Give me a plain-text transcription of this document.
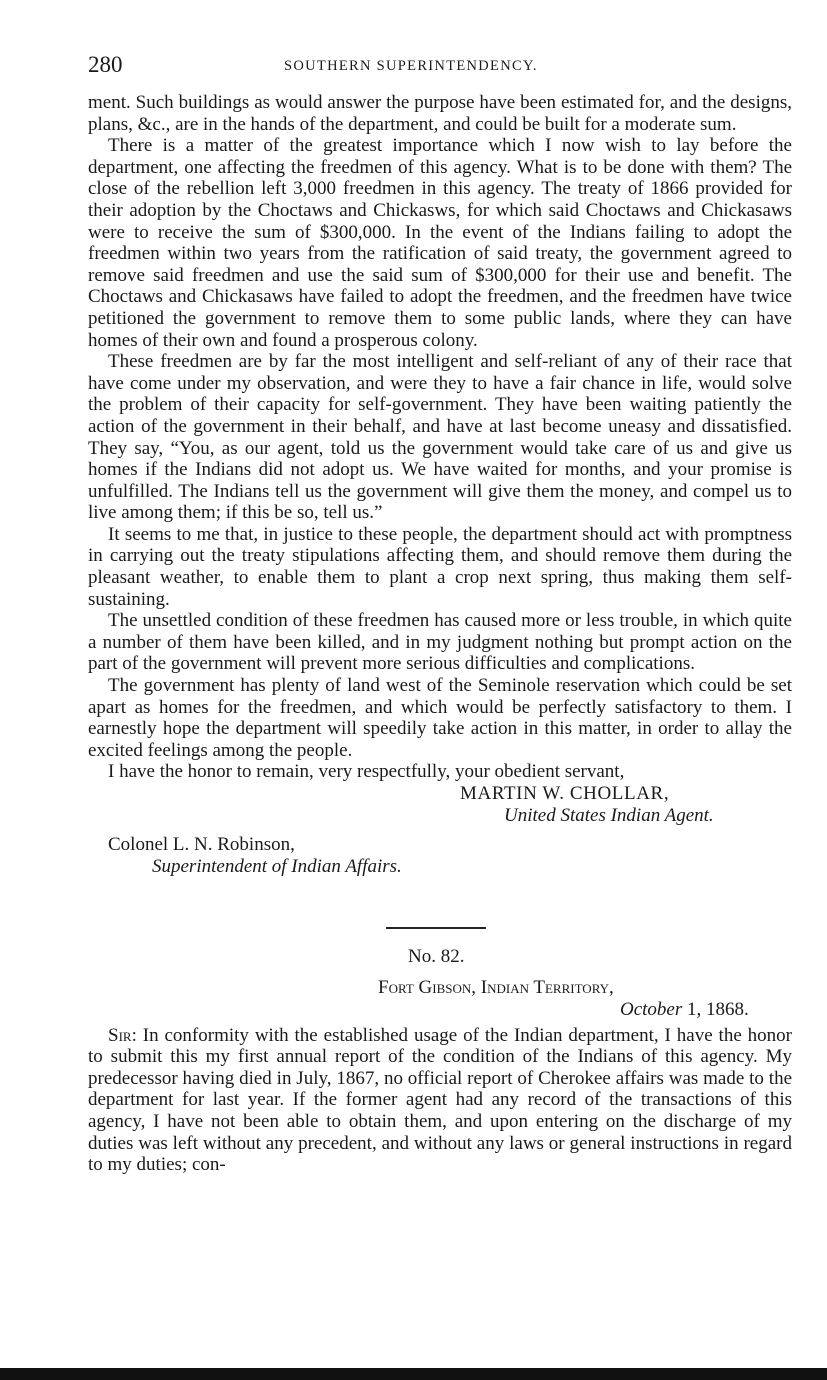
280	SOUTHERN SUPERINTENDENCY.

ment. Such buildings as would answer the purpose have been estimated for, and the designs, plans, &c., are in the hands of the department, and could be built for a moderate sum.

There is a matter of the greatest importance which I now wish to lay before the department, one affecting the freedmen of this agency. What is to be done with them? The close of the rebellion left 3,000 freedmen in this agency. The treaty of 1866 provided for their adoption by the Choctaws and Chickasws, for which said Choctaws and Chickasaws were to receive the sum of $300,000. In the event of the Indians failing to adopt the freedmen within two years from the ratification of said treaty, the government agreed to remove said freedmen and use the said sum of $300,000 for their use and benefit. The Choctaws and Chickasaws have failed to adopt the freedmen, and the freedmen have twice petitioned the government to remove them to some public lands, where they can have homes of their own and found a prosperous colony.

These freedmen are by far the most intelligent and self-reliant of any of their race that have come under my observation, and were they to have a fair chance in life, would solve the problem of their capacity for self-government. They have been waiting patiently the action of the government in their behalf, and have at last become uneasy and dissatisfied. They say, “You, as our agent, told us the government would take care of us and give us homes if the Indians did not adopt us. We have waited for months, and your promise is unfulfilled. The Indians tell us the government will give them the money, and compel us to live among them; if this be so, tell us.”

It seems to me that, in justice to these people, the department should act with promptness in carrying out the treaty stipulations affecting them, and should remove them during the pleasant weather, to enable them to plant a crop next spring, thus making them self-sustaining.

The unsettled condition of these freedmen has caused more or less trouble, in which quite a number of them have been killed, and in my judgment nothing but prompt action on the part of the government will prevent more serious difficulties and complications.

The government has plenty of land west of the Seminole reservation which could be set apart as homes for the freedmen, and which would be perfectly satisfactory to them. I earnestly hope the department will speedily take action in this matter, in order to allay the excited feelings among the people.

I have the honor to remain, very respectfully, your obedient servant,

MARTIN W. CHOLLAR,

United States Indian Agent.

Colonel L. N. Robinson,

Superintendent of Indian Affairs.

No. 82.

Fort Gibson, Indian Territory,

October 1, 1868.

Sir: In conformity with the established usage of the Indian department, I have the honor to submit this my first annual report of the condition of the Indians of this agency. My predecessor having died in July, 1867, no official report of Cherokee affairs was made to the department for last year. If the former agent had any record of the transactions of this agency, I have not been able to obtain them, and upon entering on the discharge of my duties was left without any precedent, and without any laws or general instructions in regard to my duties; con-
